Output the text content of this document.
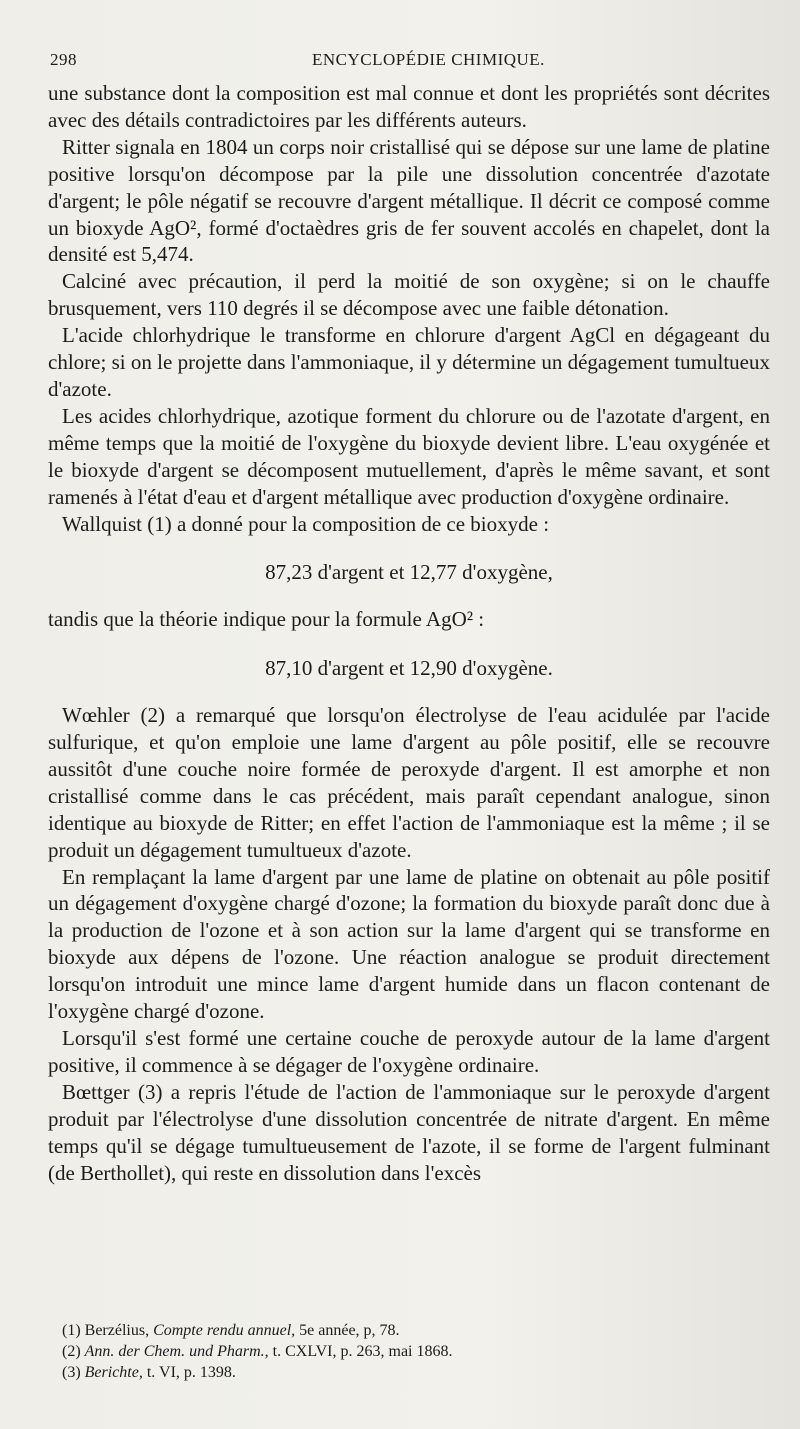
298	ENCYCLOPÉDIE CHIMIQUE.

une substance dont la composition est mal connue et dont les propriétés sont décrites avec des détails contradictoires par les différents auteurs.

Ritter signala en 1804 un corps noir cristallisé qui se dépose sur une lame de platine positive lorsqu'on décompose par la pile une dissolution concentrée d'azotate d'argent; le pôle négatif se recouvre d'argent métallique. Il décrit ce composé comme un bioxyde AgO², formé d'octaèdres gris de fer souvent accolés en chapelet, dont la densité est 5,474.

Calciné avec précaution, il perd la moitié de son oxygène; si on le chauffe brusquement, vers 110 degrés il se décompose avec une faible détonation.

L'acide chlorhydrique le transforme en chlorure d'argent AgCl en dégageant du chlore; si on le projette dans l'ammoniaque, il y détermine un dégagement tumultueux d'azote.

Les acides chlorhydrique, azotique forment du chlorure ou de l'azotate d'argent, en même temps que la moitié de l'oxygène du bioxyde devient libre. L'eau oxygénée et le bioxyde d'argent se décomposent mutuellement, d'après le même savant, et sont ramenés à l'état d'eau et d'argent métallique avec production d'oxygène ordinaire.

Wallquist (1) a donné pour la composition de ce bioxyde :

87,23 d'argent et 12,77 d'oxygène,

tandis que la théorie indique pour la formule AgO² :

87,10 d'argent et 12,90 d'oxygène.

Wœhler (2) a remarqué que lorsqu'on électrolyse de l'eau acidulée par l'acide sulfurique, et qu'on emploie une lame d'argent au pôle positif, elle se recouvre aussitôt d'une couche noire formée de peroxyde d'argent. Il est amorphe et non cristallisé comme dans le cas précédent, mais paraît cependant analogue, sinon identique au bioxyde de Ritter; en effet l'action de l'ammoniaque est la même ; il se produit un dégagement tumultueux d'azote.

En remplaçant la lame d'argent par une lame de platine on obtenait au pôle positif un dégagement d'oxygène chargé d'ozone; la formation du bioxyde paraît donc due à la production de l'ozone et à son action sur la lame d'argent qui se transforme en bioxyde aux dépens de l'ozone. Une réaction analogue se produit directement lorsqu'on introduit une mince lame d'argent humide dans un flacon contenant de l'oxygène chargé d'ozone.

Lorsqu'il s'est formé une certaine couche de peroxyde autour de la lame d'argent positive, il commence à se dégager de l'oxygène ordinaire.

Bœttger (3) a repris l'étude de l'action de l'ammoniaque sur le peroxyde d'argent produit par l'électrolyse d'une dissolution concentrée de nitrate d'argent. En même temps qu'il se dégage tumultueusement de l'azote, il se forme de l'argent fulminant (de Berthollet), qui reste en dissolution dans l'excès

(1) Berzélius, Compte rendu annuel, 5e année, p, 78.
(2) Ann. der Chem. und Pharm., t. CXLVI, p. 263, mai 1868.
(3) Berichte, t. VI, p. 1398.
